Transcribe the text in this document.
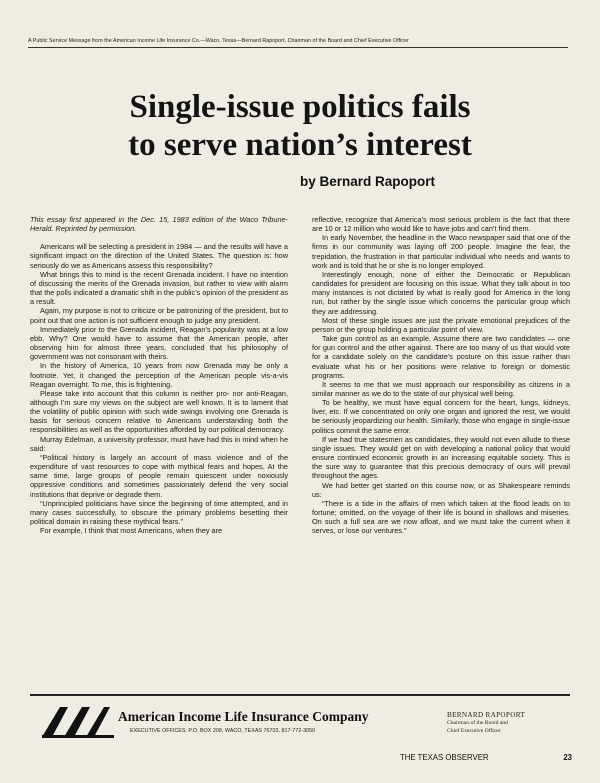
A Public Service Message from the American Income Life Insurance Co.—Waco, Texas—Bernard Rapoport, Chairman of the Board and Chief Executive Officer
Single-issue politics fails
to serve nation’s interest
by Bernard Rapoport

This essay first appeared in the Dec. 15, 1983 edition of the Waco Tribune-Herald. Reprinted by permission.

Americans will be selecting a president in 1984 — and the results will have a significant impact on the direction of the United States. The question is: how seriously do we as Americans assess this responsibility?

What brings this to mind is the recent Grenada incident. I have no intention of discussing the merits of the Grenada invasion, but rather to view with alarm that the polls indicated a dramatic shift in the public’s opinion of the president as a result.

Again, my purpose is not to criticize or be patronizing of the president, but to point out that one action is not sufficient enough to judge any president.

Immediately prior to the Grenada incident, Reagan’s popularity was at a low ebb. Why? One would have to assume that the American people, after observing him for almost three years, concluded that his philosophy of government was not consonant with theirs.

In the history of America, 10 years from now Grenada may be only a footnote. Yet, it changed the perception of the American people vis-a-vis Reagan overnight. To me, this is frightening.

Please take into account that this column is neither pro- nor anti-Reagan, although I’m sure my views on the subject are well known. It is to lament that the volatility of public opinion with such wide swings involving one Grenada is basis for serious concern relative to Americans understanding both the responsibilities as well as the opportunities afforded by our political democracy.

Murray Edelman, a university professor, must have had this in mind when he said:

“Political history is largely an account of mass violence and of the expenditure of vast resources to cope with mythical fears and hopes. At the same time, large groups of people remain quiescent under noxiously oppressive conditions and sometimes passionately defend the very social institutions that deprive or degrade them.

“Unprincipled politicians have since the beginning of time attempted, and in many cases successfully, to obscure the primary problems besetting their political domain in raising these mythical fears.”

For example, I think that most Americans, when they are

reflective, recognize that America’s most serious problem is the fact that there are 10 or 12 million who would like to have jobs and can’t find them.

In early November, the headline in the Waco newspaper said that one of the firms in our community was laying off 200 people. Imagine the fear, the trepidation, the frustration in that particular individual who needs and wants to work and is told that he or she is no longer employed.

Interestingly enough, none of either the Democratic or Republican candidates for president are focusing on this issue. What they talk about in too many instances is not dictated by what is really good for America in the long run, but rather by the single issue which concerns the particular group which they are addressing.

Most of these single issues are just the private emotional prejudices of the person or the group holding a particular point of view.

Take gun control as an example. Assume there are two candidates — one for gun control and the other against. There are too many of us that would vote for a candidate solely on the candidate’s posture on this issue rather than evaluate what his or her positions were relative to foreign or domestic programs.

It seems to me that we must approach our responsibility as citizens in a similar manner as we do to the state of our physical well being.

To be healthy, we must have equal concern for the heart, lungs, kidneys, liver, etc. If we concentrated on only one organ and ignored the rest, we would be seriously jeopardizing our health. Similarly, those who engage in single-issue politics commit the same error.

If we had true statesmen as candidates, they would not even allude to these single issues. They would get on with developing a national policy that would ensure continued economic growth in an increasing equitable society. This is the sure way to guarantee that this precious democracy of ours will prevail throughout the ages.

We had better get started on this course now, or as Shakespeare reminds us:

“There is a tide in the affairs of men which taken at the flood leads on to fortune; omitted, on the voyage of their life is bound in shallows and miseries. On such a full sea are we now afloat, and we must take the current when it serves, or lose our ventures.”

American Income Life Insurance Company
EXECUTIVE OFFICES: P.O. BOX 208, WACO, TEXAS 76703, 817-772-3050
BERNARD RAPOPORT
Chairman of the Board and
Chief Executive Officer
THE TEXAS OBSERVER	23
